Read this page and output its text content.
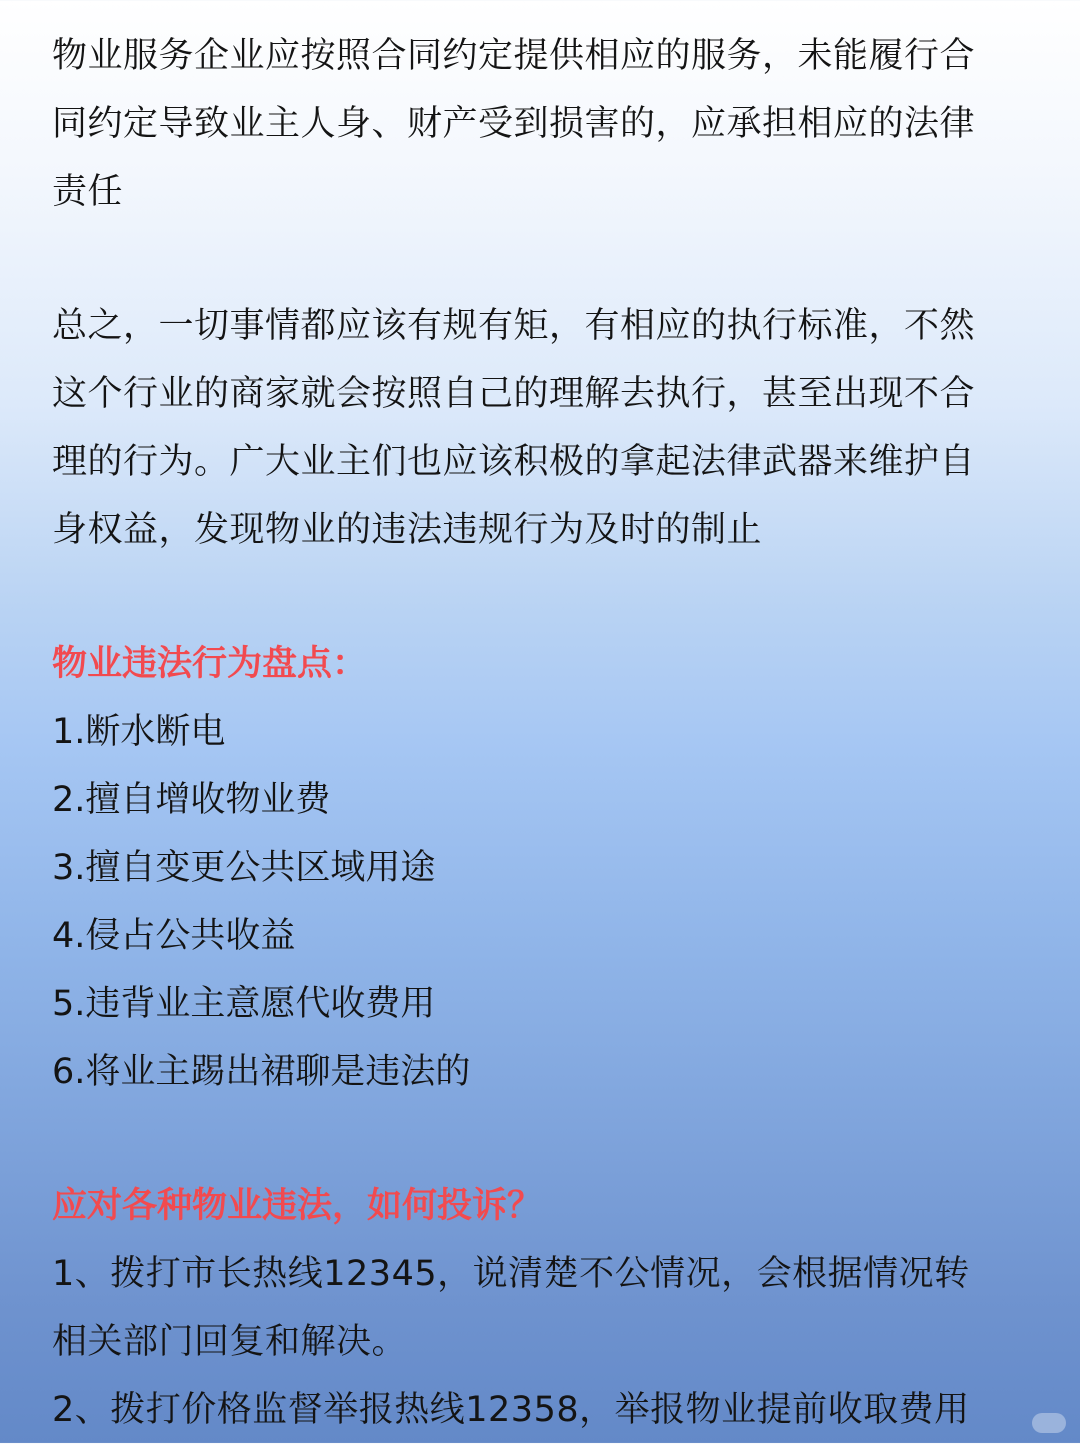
物业服务企业应按照合同约定提供相应的服务，未能履行合
同约定导致业主人身、财产受到损害的，应承担相应的法律
责任

总之，一切事情都应该有规有矩，有相应的执行标准，不然
这个行业的商家就会按照自己的理解去执行，甚至出现不合
理的行为。广大业主们也应该积极的拿起法律武器来维护自
身权益，发现物业的违法违规行为及时的制止

物业违法行为盘点：
1.断水断电
2.擅自增收物业费
3.擅自变更公共区域用途
4.侵占公共收益
5.违背业主意愿代收费用
6.将业主踢出裙聊是违法的
应对各种物业违法，如何投诉？

1、拨打市长热线12345，说清楚不公情况，会根据情况转
相关部门回复和解决。
2、拨打价格监督举报热线12358，举报物业提前收取费用
